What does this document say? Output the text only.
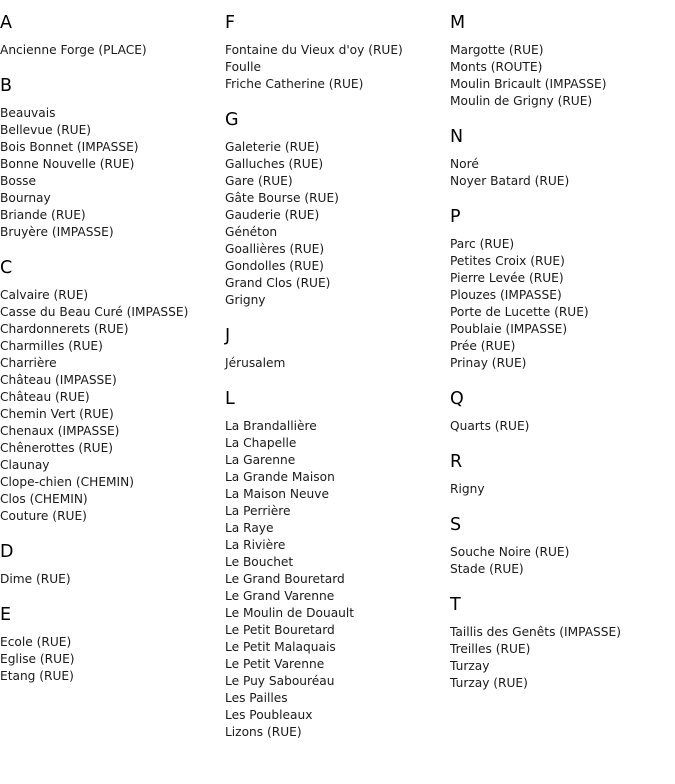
A
Ancienne Forge (PLACE)
B
Beauvais
Bellevue (RUE)
Bois Bonnet (IMPASSE)
Bonne Nouvelle (RUE)
Bosse
Bournay
Briande (RUE)
Bruyère (IMPASSE)
C
Calvaire (RUE)
Casse du Beau Curé (IMPASSE)
Chardonnerets (RUE)
Charmilles (RUE)
Charrière
Château (IMPASSE)
Château (RUE)
Chemin Vert (RUE)
Chenaux (IMPASSE)
Chênerottes (RUE)
Claunay
Clope-chien (CHEMIN)
Clos (CHEMIN)
Couture (RUE)
D
Dime (RUE)
E
Ecole (RUE)
Eglise (RUE)
Etang (RUE)
F
Fontaine du Vieux d'oy (RUE)
Foulle
Friche Catherine (RUE)
G
Galeterie (RUE)
Galluches (RUE)
Gare (RUE)
Gâte Bourse (RUE)
Gauderie (RUE)
Généton
Goallières (RUE)
Gondolles (RUE)
Grand Clos (RUE)
Grigny
J
Jérusalem
L
La Brandallière
La Chapelle
La Garenne
La Grande Maison
La Maison Neuve
La Perrière
La Raye
La Rivière
Le Bouchet
Le Grand Bouretard
Le Grand Varenne
Le Moulin de Douault
Le Petit Bouretard
Le Petit Malaquais
Le Petit Varenne
Le Puy Sabouréau
Les Pailles
Les Poubleaux
Lizons (RUE)
M
Margotte (RUE)
Monts (ROUTE)
Moulin Bricault (IMPASSE)
Moulin de Grigny (RUE)
N
Noré
Noyer Batard (RUE)
P
Parc (RUE)
Petites Croix (RUE)
Pierre Levée (RUE)
Plouzes (IMPASSE)
Porte de Lucette (RUE)
Poublaie (IMPASSE)
Prée (RUE)
Prinay (RUE)
Q
Quarts (RUE)
R
Rigny
S
Souche Noire (RUE)
Stade (RUE)
T
Taillis des Genêts (IMPASSE)
Treilles (RUE)
Turzay
Turzay (RUE)
